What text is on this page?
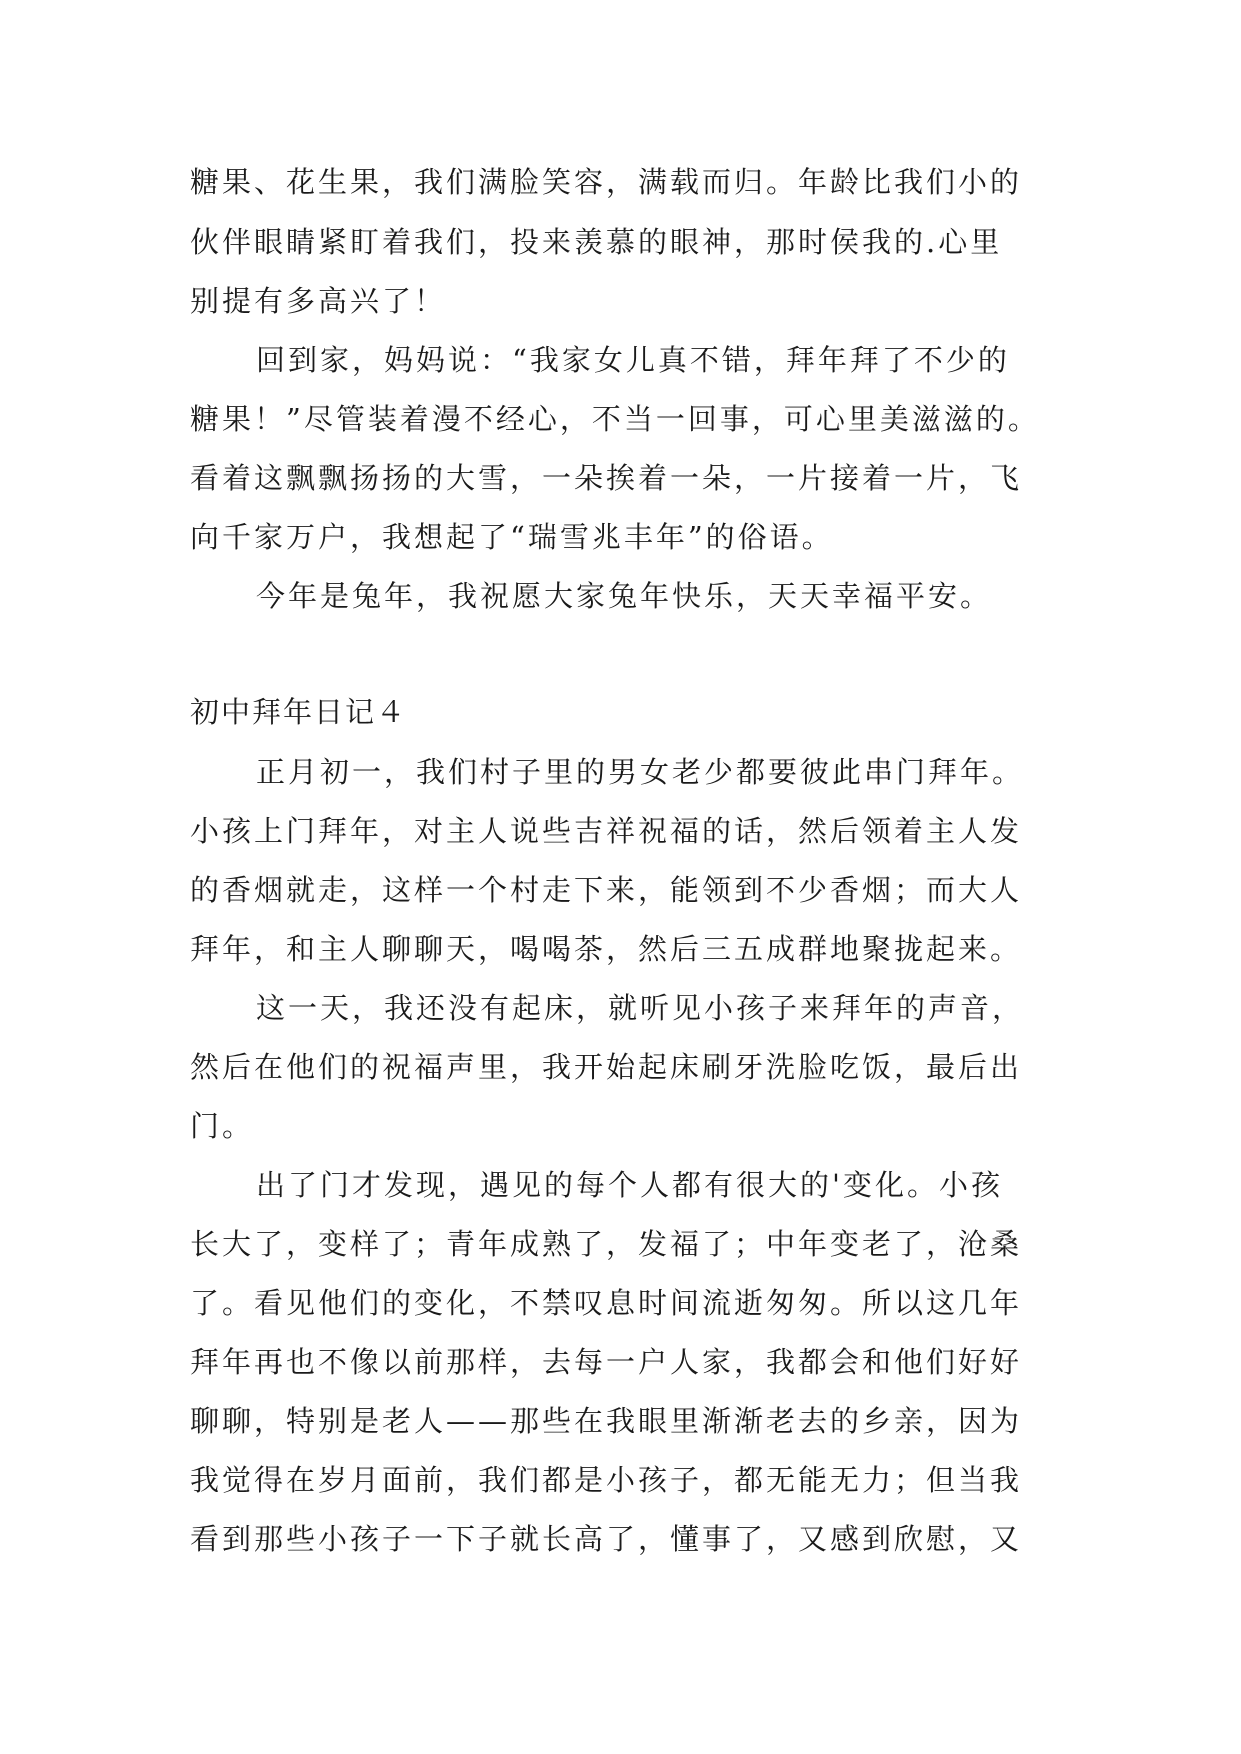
糖果、花生果，我们满脸笑容，满载而归。年龄比我们小的
伙伴眼睛紧盯着我们，投来羡慕的眼神，那时侯我的.心里
别提有多高兴了！
回到家，妈妈说：“我家女儿真不错，拜年拜了不少的
糖果！”尽管装着漫不经心，不当一回事，可心里美滋滋的。
看着这飘飘扬扬的大雪，一朵挨着一朵，一片接着一片，飞
向千家万户，我想起了“瑞雪兆丰年”的俗语。
今年是兔年，我祝愿大家兔年快乐，天天幸福平安。
初中拜年日记４
正月初一，我们村子里的男女老少都要彼此串门拜年。
小孩上门拜年，对主人说些吉祥祝福的话，然后领着主人发
的香烟就走，这样一个村走下来，能领到不少香烟；而大人
拜年，和主人聊聊天，喝喝茶，然后三五成群地聚拢起来。
这一天，我还没有起床，就听见小孩子来拜年的声音，
然后在他们的祝福声里，我开始起床刷牙洗脸吃饭，最后出
门。
出了门才发现，遇见的每个人都有很大的'变化。小孩
长大了，变样了；青年成熟了，发福了；中年变老了，沧桑
了。看见他们的变化，不禁叹息时间流逝匆匆。所以这几年
拜年再也不像以前那样，去每一户人家，我都会和他们好好
聊聊，特别是老人——那些在我眼里渐渐老去的乡亲，因为
我觉得在岁月面前，我们都是小孩子，都无能无力；但当我
看到那些小孩子一下子就长高了，懂事了，又感到欣慰，又
